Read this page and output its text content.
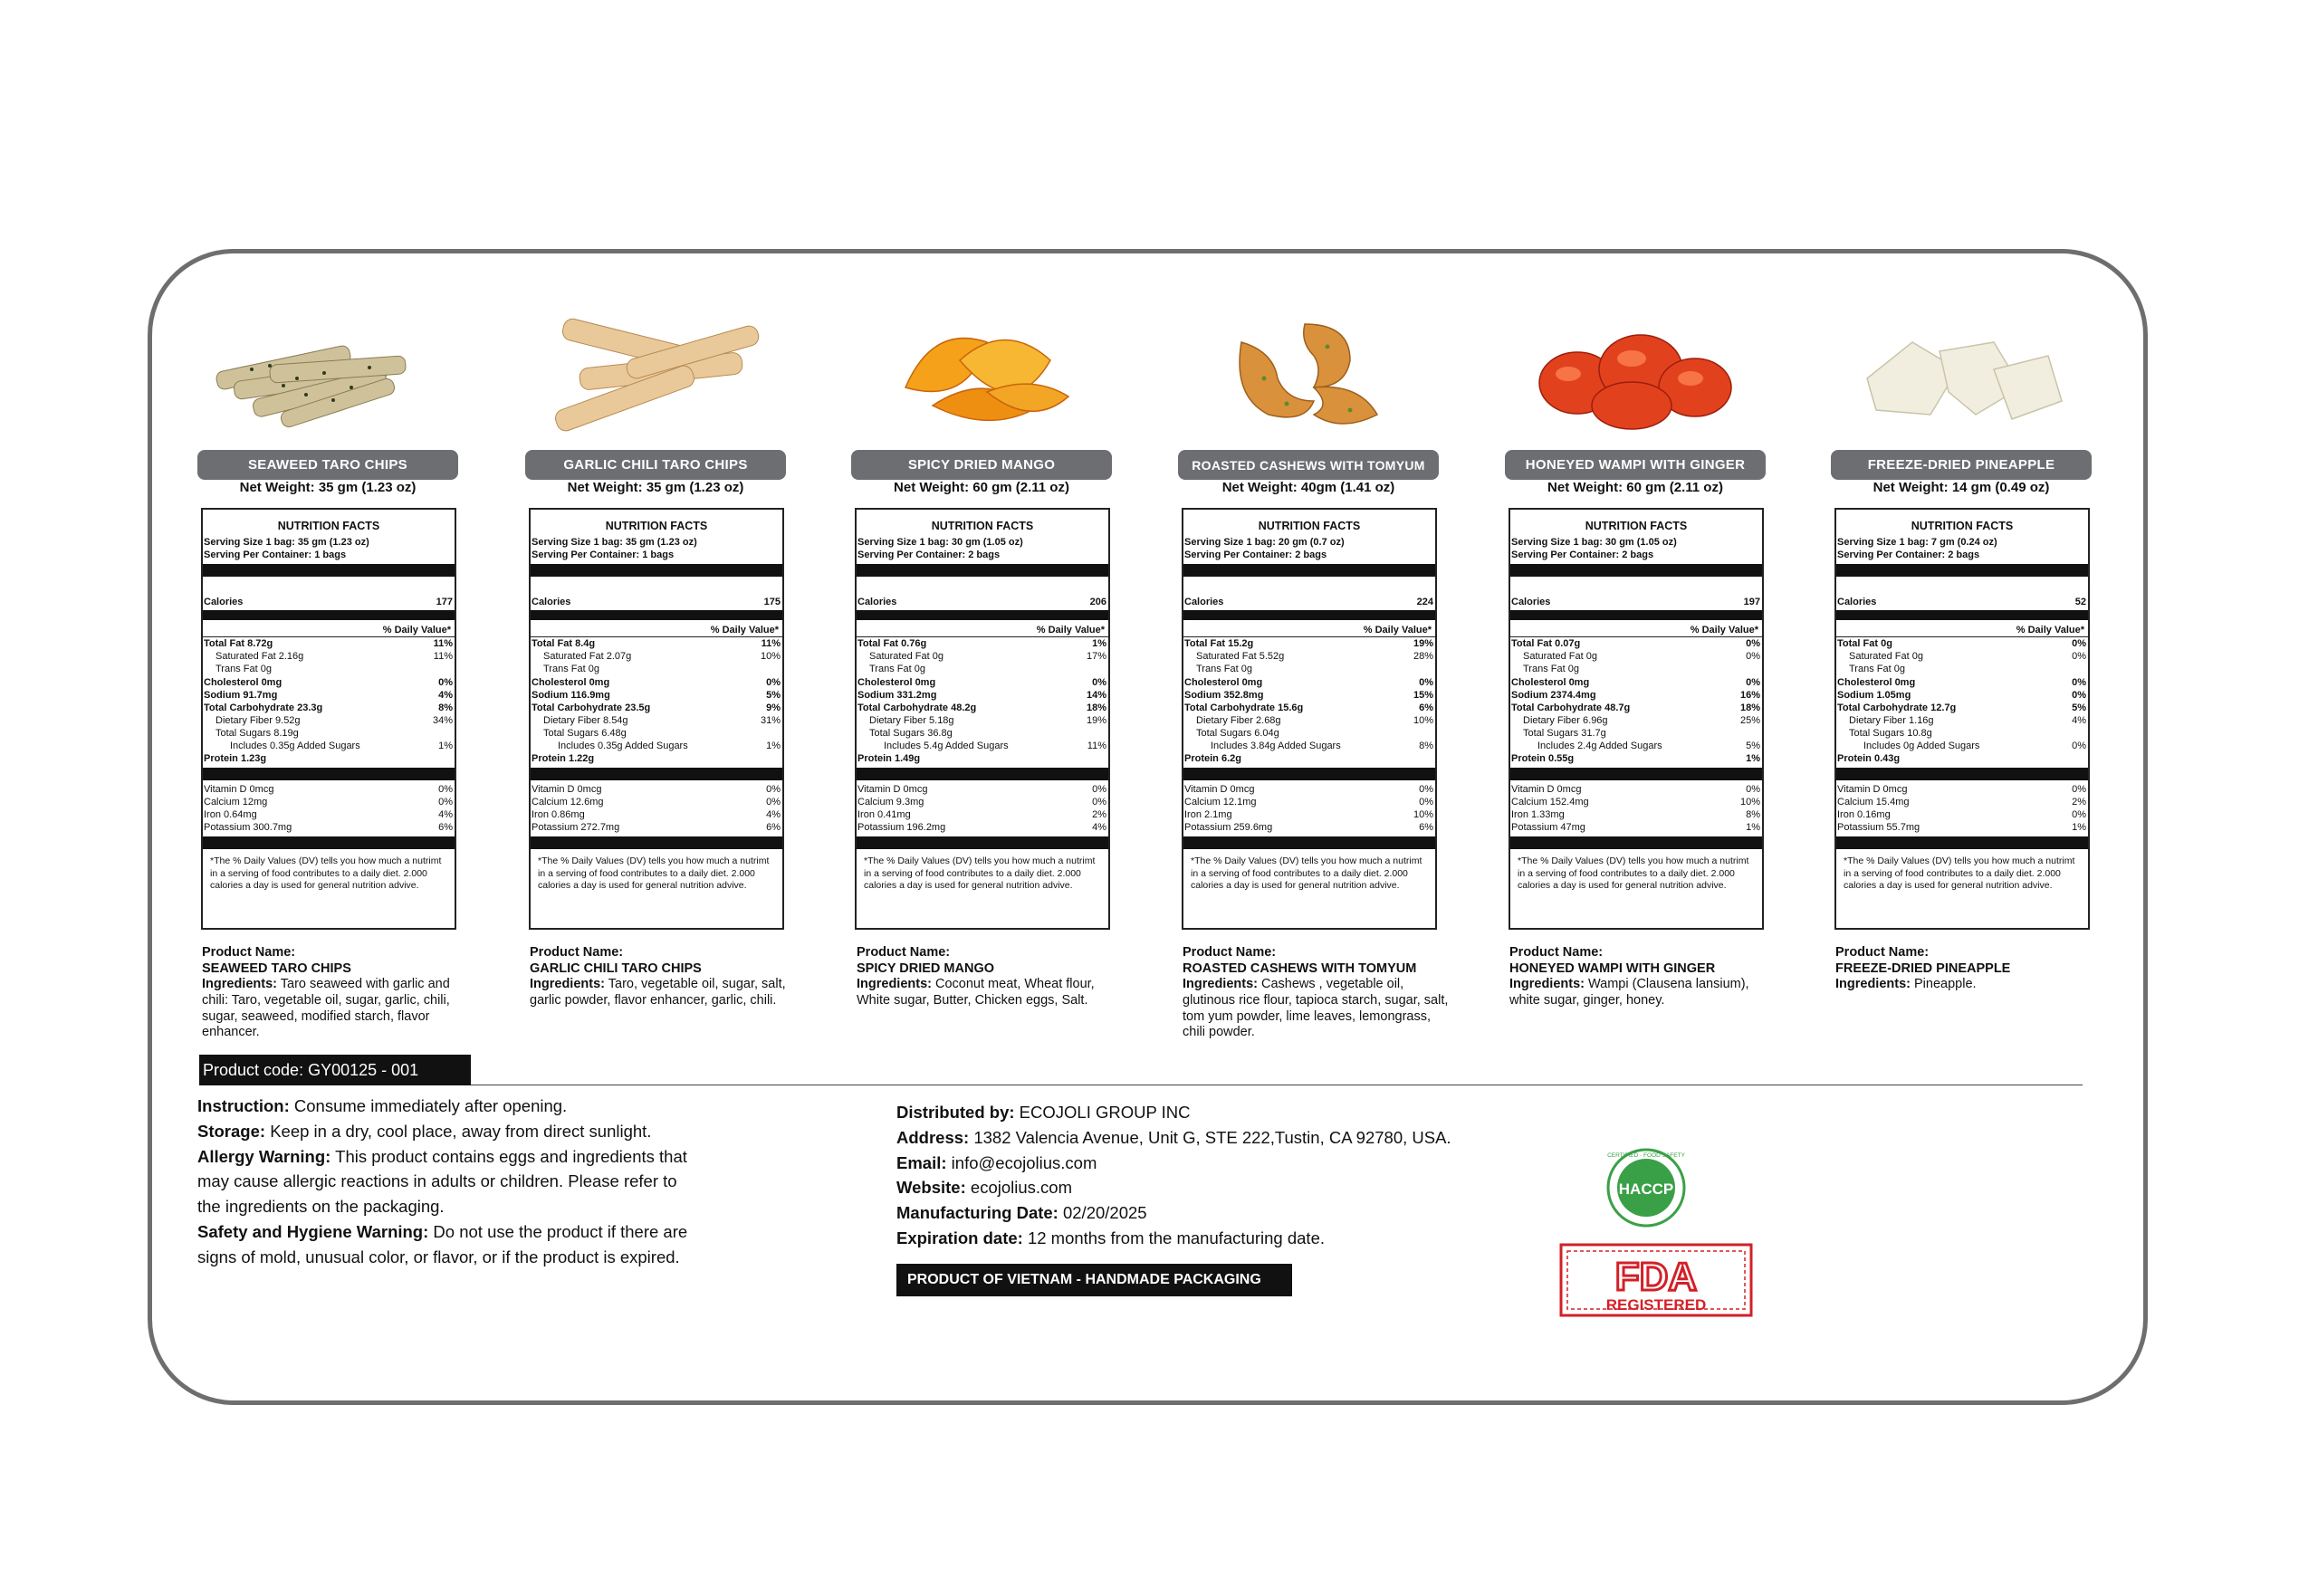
SEAWEED TARO CHIPS	GARLIC CHILI TARO CHIPS	SPICY DRIED MANGO	ROASTED CASHEWS WITH TOMYUM	HONEYED WAMPI WITH GINGER	FREEZE-DRIED PINEAPPLE
Net Weight: 35 gm (1.23 oz)	Net Weight: 35 gm (1.23 oz)	Net Weight: 60 gm (2.11 oz)	Net Weight: 40gm (1.41 oz)	Net Weight: 60 gm (2.11 oz)	Net Weight: 14 gm (0.49 oz)
NUTRITION FACTS
Serving Size 1 bag: 35 gm (1.23 oz)
Serving Per Container: 1 bags
Calories	177
% Daily Value*
Total Fat 8.72g	11%
Saturated Fat 2.16g	11%
Trans Fat 0g
Cholesterol 0mg	0%
Sodium 91.7mg	4%
Total Carbohydrate 23.3g	8%
Dietary Fiber 9.52g	34%
Total Sugars 8.19g
Includes 0.35g Added Sugars	1%
Protein 1.23g
Vitamin D 0mcg	0%
Calcium 12mg	0%
Iron 0.64mg	4%
Potassium 300.7mg	6%
*The % Daily Values (DV) tells you how much a nutrimt in a serving of food contributes to a daily diet. 2.000 calories a day is used for general nutrition advive.
NUTRITION FACTS
Serving Size 1 bag: 35 gm (1.23 oz)
Serving Per Container: 1 bags
Calories	175
% Daily Value*
Total Fat 8.4g	11%
Saturated Fat 2.07g	10%
Trans Fat 0g
Cholesterol 0mg	0%
Sodium 116.9mg	5%
Total Carbohydrate 23.5g	9%
Dietary Fiber 8.54g	31%
Total Sugars 6.48g
Includes 0.35g Added Sugars	1%
Protein 1.22g
Vitamin D 0mcg	0%
Calcium 12.6mg	0%
Iron 0.86mg	4%
Potassium 272.7mg	6%
*The % Daily Values (DV) tells you how much a nutrimt in a serving of food contributes to a daily diet. 2.000 calories a day is used for general nutrition advive.
NUTRITION FACTS
Serving Size 1 bag: 30 gm (1.05 oz)
Serving Per Container: 2 bags
Calories	206
% Daily Value*
Total Fat 0.76g	1%
Saturated Fat 0g	17%
Trans Fat 0g
Cholesterol 0mg	0%
Sodium 331.2mg	14%
Total Carbohydrate 48.2g	18%
Dietary Fiber 5.18g	19%
Total Sugars 36.8g
Includes 5.4g Added Sugars	11%
Protein 1.49g
Vitamin D 0mcg	0%
Calcium 9.3mg	0%
Iron 0.41mg	2%
Potassium 196.2mg	4%
*The % Daily Values (DV) tells you how much a nutrimt in a serving of food contributes to a daily diet. 2.000 calories a day is used for general nutrition advive.
NUTRITION FACTS
Serving Size 1 bag: 20 gm (0.7 oz)
Serving Per Container: 2 bags
Calories	224
% Daily Value*
Total Fat 15.2g	19%
Saturated Fat 5.52g	28%
Trans Fat 0g
Cholesterol 0mg	0%
Sodium 352.8mg	15%
Total Carbohydrate 15.6g	6%
Dietary Fiber 2.68g	10%
Total Sugars 6.04g
Includes 3.84g Added Sugars	8%
Protein 6.2g
Vitamin D 0mcg	0%
Calcium 12.1mg	0%
Iron 2.1mg	10%
Potassium 259.6mg	6%
*The % Daily Values (DV) tells you how much a nutrimt in a serving of food contributes to a daily diet. 2.000 calories a day is used for general nutrition advive.
NUTRITION FACTS
Serving Size 1 bag: 30 gm (1.05 oz)
Serving Per Container: 2 bags
Calories	197
% Daily Value*
Total Fat 0.07g	0%
Saturated Fat 0g	0%
Trans Fat 0g
Cholesterol 0mg	0%
Sodium 2374.4mg	16%
Total Carbohydrate 48.7g	18%
Dietary Fiber 6.96g	25%
Total Sugars 31.7g
Includes 2.4g Added Sugars	5%
Protein 0.55g	1%
Vitamin D 0mcg	0%
Calcium 152.4mg	10%
Iron 1.33mg	8%
Potassium 47mg	1%
*The % Daily Values (DV) tells you how much a nutrimt in a serving of food contributes to a daily diet. 2.000 calories a day is used for general nutrition advive.
NUTRITION FACTS
Serving Size 1 bag: 7 gm (0.24 oz)
Serving Per Container: 2 bags
Calories	52
% Daily Value*
Total Fat 0g	0%
Saturated Fat 0g	0%
Trans Fat 0g
Cholesterol 0mg	0%
Sodium 1.05mg	0%
Total Carbohydrate 12.7g	5%
Dietary Fiber 1.16g	4%
Total Sugars 10.8g
Includes 0g Added Sugars	0%
Protein 0.43g
Vitamin D 0mcg	0%
Calcium 15.4mg	2%
Iron 0.16mg	0%
Potassium 55.7mg	1%
*The % Daily Values (DV) tells you how much a nutrimt in a serving of food contributes to a daily diet. 2.000 calories a day is used for general nutrition advive.
Product Name:
SEAWEED TARO CHIPS
Ingredients: Taro seaweed with garlic and chili: Taro, vegetable oil, sugar, garlic, chili, sugar, seaweed, modified starch, flavor enhancer.
Product Name:
GARLIC CHILI TARO CHIPS
Ingredients: Taro, vegetable oil, sugar, salt, garlic powder, flavor enhancer, garlic, chili.
Product Name:
SPICY DRIED MANGO
Ingredients: Coconut meat, Wheat flour, White sugar, Butter, Chicken eggs, Salt.
Product Name:
ROASTED CASHEWS WITH TOMYUM
Ingredients: Cashews , vegetable oil, glutinous rice flour, tapioca starch, sugar, salt, tom yum powder, lime leaves, lemongrass, chili powder.
Product Name:
HONEYED WAMPI WITH GINGER
Ingredients: Wampi (Clausena lansium), white sugar, ginger, honey.
Product Name:
FREEZE-DRIED PINEAPPLE
Ingredients: Pineapple.
Product code: GY00125 - 001
Instruction: Consume immediately after opening.
Storage: Keep in a dry, cool place, away from direct sunlight.
Allergy Warning: This product contains eggs and ingredients that
may cause allergic reactions in adults or children. Please refer to
the ingredients on the packaging.
Safety and Hygiene Warning: Do not use the product if there are
signs of mold, unusual color, or flavor, or if the product is expired.
Distributed by: ECOJOLI GROUP INC
Address: 1382 Valencia Avenue, Unit G, STE 222,Tustin, CA 92780, USA.
Email: info@ecojolius.com
Website: ecojolius.com
Manufacturing Date: 02/20/2025
Expiration date: 12 months from the manufacturing date.
PRODUCT OF VIETNAM - HANDMADE PACKAGING
HACCP
CERTIFIED · FOOD SAFETY
FDA
REGISTERED
